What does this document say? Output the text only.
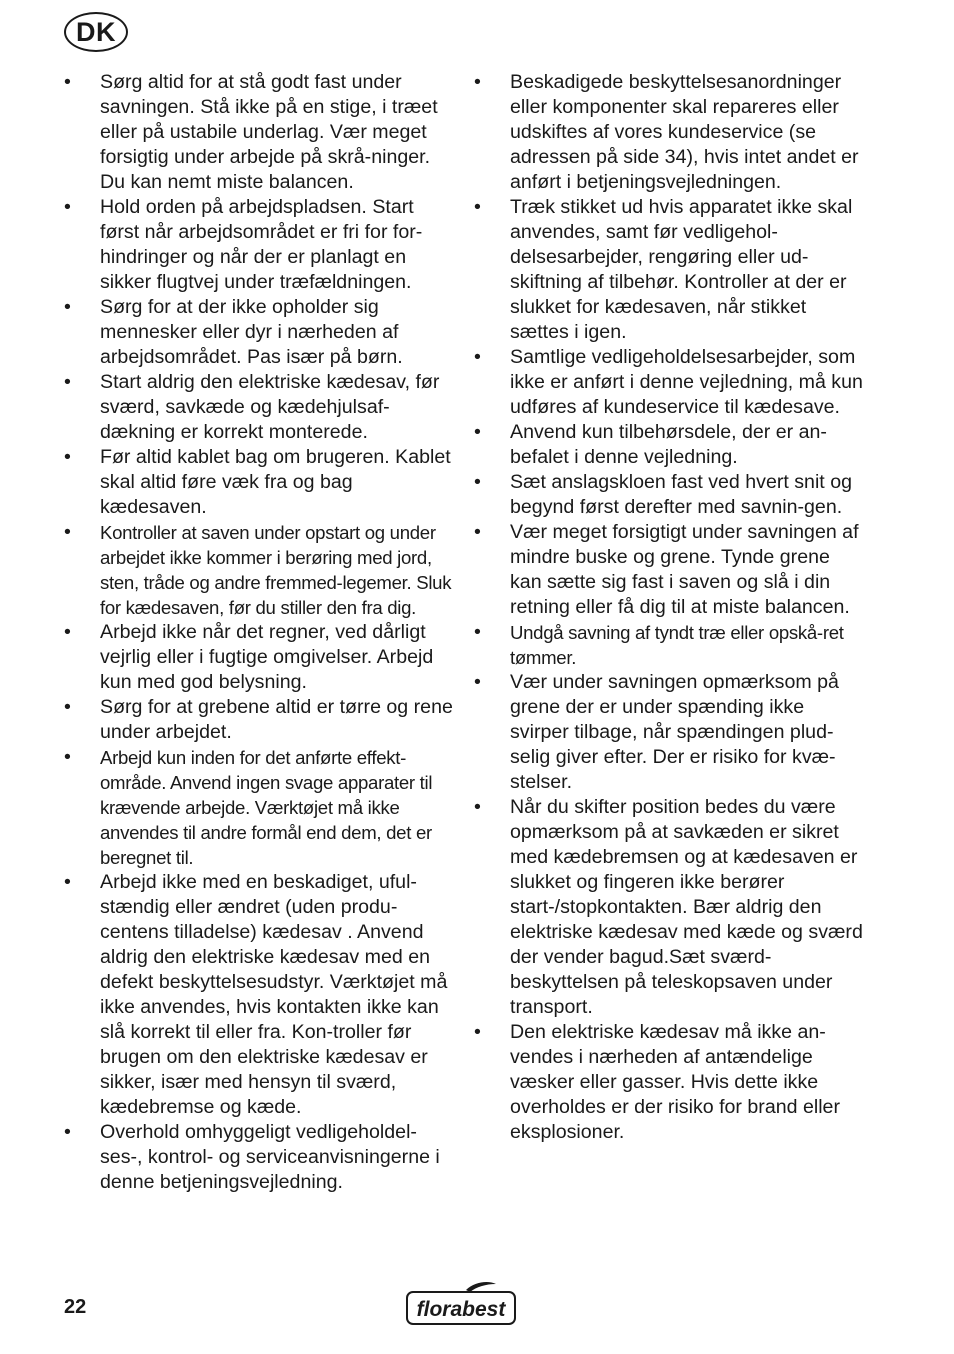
DK
• Sørg altid for at stå godt fast under savningen. Stå ikke på en stige, i træet eller på ustabile underlag. Vær meget forsigtig under arbejde på skrå-ninger. Du kan nemt miste balancen.
• Hold orden på arbejdspladsen. Start først når arbejdsområdet er fri for for-hindringer og når der er planlagt en sikker flugtvej under træfældningen.
• Sørg for at der ikke opholder sig mennesker eller dyr i nærheden af arbejdsområdet. Pas især på børn.
• Start aldrig den elektriske kædesav, før sværd, savkæde og kædehjulsaf-dækning er korrekt monterede.
• Før altid kablet bag om brugeren. Kablet skal altid føre væk fra og bag kædesaven.
• Kontroller at saven under opstart og under arbejdet ikke kommer i berøring med jord, sten, tråde og andre fremmed-legemer. Sluk for kædesaven, før du stiller den fra dig.
• Arbejd ikke når det regner, ved dårligt vejrlig eller i fugtige omgivelser. Arbejd kun med god belysning.
• Sørg for at grebene altid er tørre og rene under arbejdet.
• Arbejd kun inden for det anførte effekt-område. Anvend ingen svage apparater til krævende arbejde. Værktøjet må ikke anvendes til andre formål end dem, det er beregnet til.
• Arbejd ikke med en beskadiget, uful-stændig eller ændret (uden produ-centens tilladelse) kædesav . Anvend aldrig den elektriske kædesav med en defekt beskyttelsesudstyr. Værktøjet må ikke anvendes, hvis kontakten ikke kan slå korrekt til eller fra. Kon-troller før brugen om den elektriske kædesav er sikker, især med hensyn til sværd, kædebremse og kæde.
• Overhold omhyggeligt vedligeholdel-ses-, kontrol- og serviceanvisningerne i denne betjeningsvejledning.
• Beskadigede beskyttelsesanordninger eller komponenter skal repareres eller udskiftes af vores kundeservice (se adressen på side 34), hvis intet andet er anført i betjeningsvejledningen.
• Træk stikket ud hvis apparatet ikke skal anvendes, samt før vedligehol-delsesarbejder, rengøring eller ud-skiftning af tilbehør. Kontroller at der er slukket for kædesaven, når stikket sættes i igen.
• Samtlige vedligeholdelsesarbejder, som ikke er anført i denne vejledning, må kun udføres af kundeservice til kædesave.
• Anvend kun tilbehørsdele, der er an-befalet i denne vejledning.
• Sæt anslagskloen fast ved hvert snit og begynd først derefter med savnin-gen.
• Vær meget forsigtigt under savningen af mindre buske og grene. Tynde grene kan sætte sig fast i saven og slå i din retning eller få dig til at miste balancen.
• Undgå savning af tyndt træ eller opskå-ret tømmer.
• Vær under savningen opmærksom på grene der er under spænding ikke svirper tilbage, når spændingen plud-selig giver efter. Der er risiko for kvæ-stelser.
• Når du skifter position bedes du være opmærksom på at savkæden er sikret med kædebremsen og at kædesaven er slukket og fingeren ikke berører start-/stopkontakten. Bær aldrig den elektriske kædesav med kæde og sværd der vender bagud.Sæt sværd-beskyttelsen på teleskopsaven under transport.
• Den elektriske kædesav må ikke an-vendes i nærheden af antændelige væsker eller gasser. Hvis dette ikke overholdes er der risiko for brand eller eksplosioner.
22	florabest
